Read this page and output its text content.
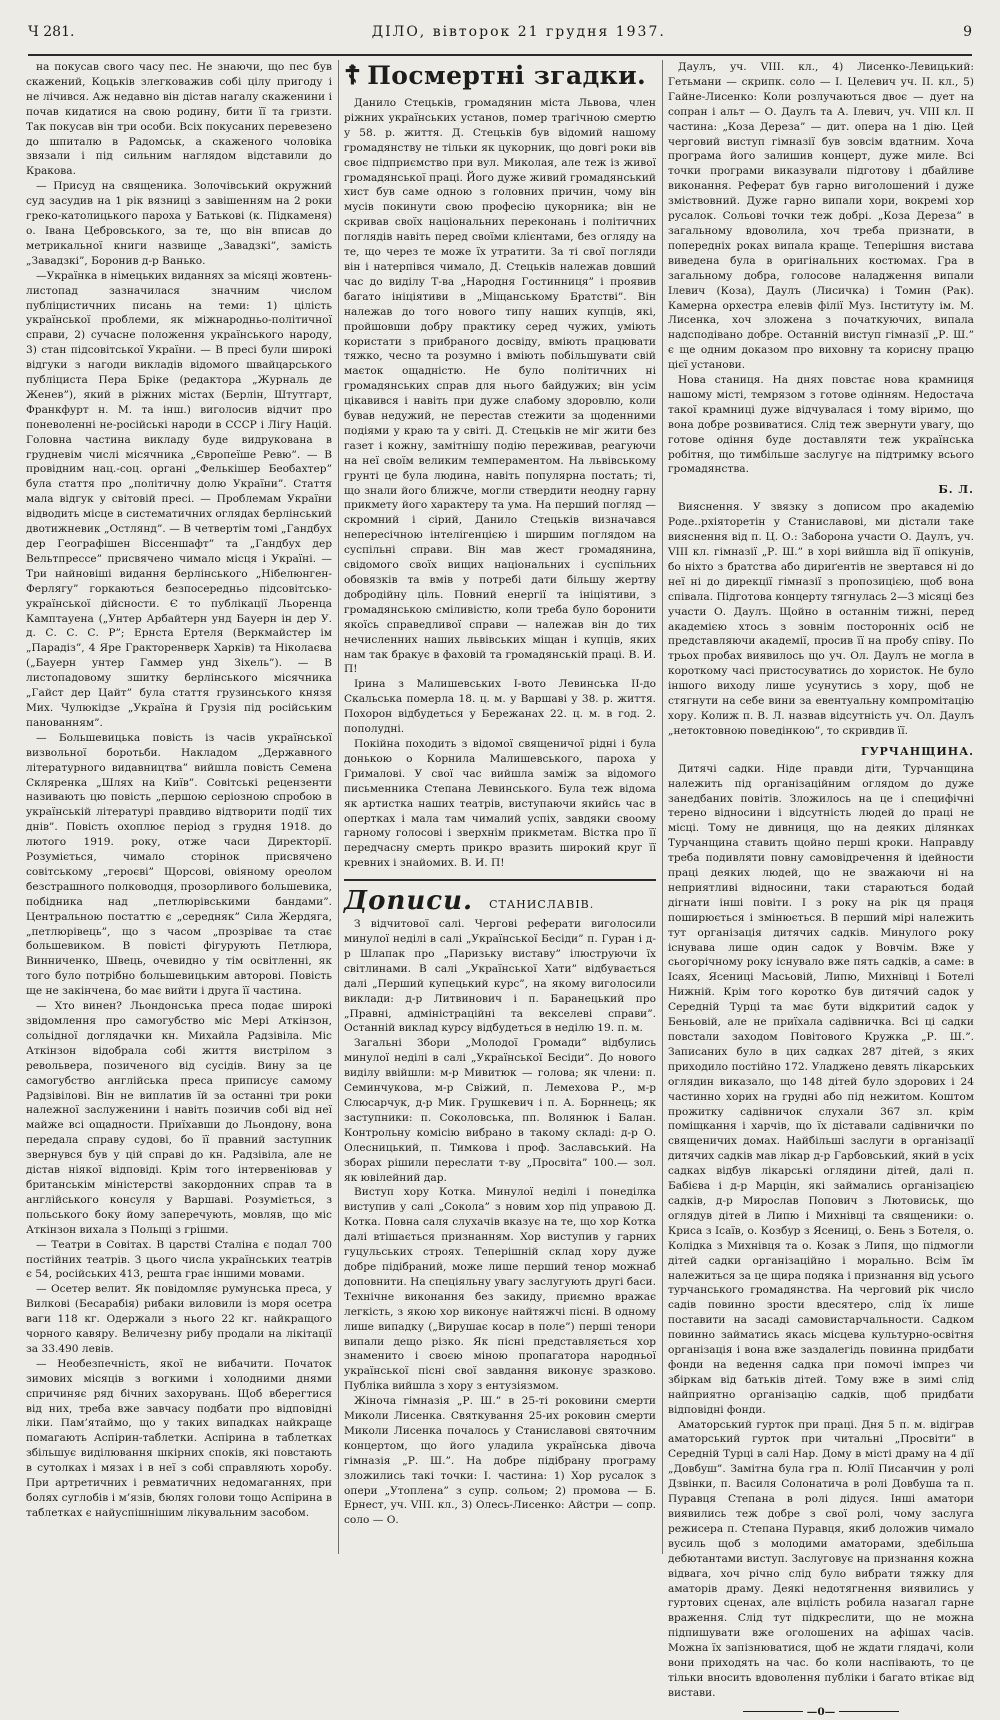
Ч 281.	ДІЛО, вівторок 21 грудня 1937.	9

на покусав свого часу пес. Не знаючи, що пес був скажений, Коцьків злегковажив собі цілу пригоду і не лічився. Аж недавно він дістав нагалу скаженини і почав кидатися на свою родину, бити її та гризти. Так покусав він три особи. Всіх покусаних перевезено до шпиталю в Радомськ, а скаженого чоловіка звязали і під сильним наглядом відставили до Кракова.

— Присуд на священика. Золочівський окружний суд засудив на 1 рік вязниці з завішенням на 2 роки греко-католицького пароха у Батькові (к. Підкаменя) о. Івана Цебровського, за те, що він вписав до метрикальної книги назвище „Завадзкі”, замість „Завадзкі”, Боронив д-р Ванько.

—Українка в німецьких виданнях за місяці жовтень-листопад зазначилася значним числом публіцистичних писань на теми: 1) цілість української проблеми, як міжнародньо-політичної справи, 2) сучасне положення українського народу, 3) стан підсовітської України. — В пресі були широкі відгуки з нагоди викладів відомого швайцарського публіциста Пера Бріке (редактора „Журналь де Женев”), який в ріжних містах (Берлін, Штутгарт, Франкфурт н. М. та інш.) виголосив відчит про поневоленні не-російські народи в СССР і Лігу Націй. Головна частина викладу буде видрукована в грудневім числі місячника „Європеїше Ревю”. — В провідним нац.-соц. органі „Фелькішер Беобахтер” була стаття про „політичну долю України”. Стаття мала відгук у світовій пресі. — Проблемам України відводить місце в систематичних оглядах берлінський двотижневик „Остлянд”. — В четвертім томі „Гандбух дер Географішен Віссеншафт” та „Гандбух дер Вельтпрессе” присвячено чимало місця і Україні. — Три найновіші видання берлінського „Нібелюнген-Ферлягу” горкаються безпосередньо підсовітсько-української дійсности. Є то публікації Льоренца Камптауена („Унтер Арбайтерн унд Бауерн ін дер У. д. С. С. С. Р”; Ернста Ертеля (Веркмайстер ім „Парадіз”, 4 Яре Гракторенверк Харків) та Ніколаєва („Бауерн унтер Гаммер унд Зіхель”). — В листопадовому зшитку берлінського місячника „Гайст дер Цайт” була стаття грузинського князя Мих. Чулюкідзе „Україна й Грузія під російським панованням”.

— Большевицька повість із часів української визвольної боротьби. Накладом „Державного літературного видавництва” вийшла повість Семена Скляренка „Шлях на Київ”. Совітські рецензенти називають цю повість „першою серіозною спробою в українській літературі правдиво відтворити події тих днів”. Повість охоплює період з грудня 1918. до лютого 1919. року, отже часи Директорії. Розуміється, чимало сторінок присвячено совітському „героєві” Щорсові, овіяному ореолом безстрашного полководця, прозорливого большевика, побідника над „петлюрівськими бандами”. Центральною постаттю є „середняк” Сила Жердяга, „петлюрівець”, що з часом „прозріває та стає большевиком. В повісті фігурують Петлюра, Винниченко, Швець, очевидно у тім освітленні, як того було потрібно большевицьким авторові. Повість ще не закінчена, бо має вийти і друга її частина.

— Хто винен? Льондонська преса подає широкі звідомлення про самогубство міс Мері Аткінзон, сольідної доглядачки кн. Михайла Радзівіла. Міс Аткінзон відобрала собі життя вистрілом з револьвера, позиченого від сусідів. Вину за це самогубство англійська преса приписує самому Радзівілові. Він не виплатив їй за останні три роки належної заслуженини і навіть позичив собі від неї майже всі ощадности. Приїхавши до Льондону, вона передала справу судові, бо її правний заступник звернувся був у цій справі до кн. Радзівіла, але не дістав ніякої відповіді. Крім того інтервеніював у британськім міністерстві закордонних справ та в англійського консуля у Варшаві. Розуміється, з польського боку йому заперечують, мовляв, що міс Аткінзон вихала з Польщі з грішми.

— Театри в Совітах. В царстві Сталіна є подал 700 постійних театрів. З цього числа українських театрів є 54, російських 413, решта грає іншими мовами.

— Осетер велит. Як повідомляє румунська преса, у Вилкові (Бесарабія) рибаки виловили із моря осетра ваги 118 кг. Одержали з нього 22 кг. найкращого чорного кавяру. Величезну рибу продали на лікітації за 33.490 левів.

— Необезпечність, якої не вибачити. Початок зимових місяців з вогкими і холодними днями спричиняє ряд бічних захорувань. Щоб вберегтися від них, треба вже завчасу подбати про відповідні ліки. Пам’ятаймо, що у таких випадках найкраще помагають Аспірин-таблетки. Аспірина в таблетках збільшує виділювання шкірних споків, які повстають в сутолках і мязах і в неї з собі справляють хоробу. При артретичних і ревматичних недомаганнях, при болях суглобів і м’язів, бюлях голови тощо Аспірина в таблетках є найуспішнішим лікувальним засобом.

☦ Посмертні згадки.

Данило Стецьків, громадянин міста Львова, член ріжних українських установ, помер трагічною смертю у 58. р. життя. Д. Стецьків був відомий нашому громадянству не тільки як цукорник, що довгі роки вів своє підприємство при вул. Миколая, але теж із живої громадянської праці. Його дуже живий громадянський хист був саме одною з головних причин, чому він мусів покинути свою професію цукорника; він не скривав своїх національних переконань і політичних поглядів навіть перед своїми клієнтами, без огляду на те, що через те може їх утратити. За ті свої погляди він і натерпівся чимало, Д. Стецьків належав довший час до виділу Т-ва „Народня Гостинниця” і проявив багато ініціятиви в „Міщанському Братстві”. Він належав до того нового типу наших купців, які, пройшовши добру практику серед чужих, уміють користати з прибраного досвіду, вміють працювати тяжко, чесно та розумно і вміють побільшувати свій маєток ощадністю. Не було політичних ні громадянських справ для нього байдужих; він усім цікавився і навіть при дуже слабому здоровлю, коли бував недужий, не перестав стежити за щоденними подіями у краю та у світі. Д. Стецьків не міг жити без газет і кожну, замітнішу подію переживав, реагуючи на неї своїм великим темпераментом. На львівському грунті це була людина, навіть популярна постать; ті, що знали його ближче, могли ствердити неодну гарну прикмету його характеру та ума. На перший погляд — скромний і сірий, Данило Стецьків визначався непересічною інтелігенцією і ширшим поглядом на суспільні справи. Він мав жест громадянина, свідомого своїх вищих національних і суспільних обовязків та вмів у потребі дати більшу жертву добродійну ціль. Повний енергії та ініціятиви, з громадянською сміливістю, коли треба було боронити якоїсь справедливої справи — належав він до тих нечисленних наших львівських міщан і купців, яких нам так бракує в фаховій та громадянській праці. В. И. П!

Ірина з Малишевських І-вото Левинська ІІ-до Скальська померла 18. ц. м. у Варшаві у 38. р. життя. Похорон відбудеться у Бережанах 22. ц. м. в год. 2. пополудні.

Покійна походить з відомої священичої рідні і була донькою о Корнила Малишевського, пароха у Грималові. У свої час вийшла заміж за відомого письменника Степана Левинського. Була теж відома як артистка наших театрів, виступаючи якийсь час в опертках і мала там чималий успіх, завдяки своому гарному голосові і зверхнім прикметам. Вістка про її передчасну смерть прикро вразить широкий круг її кревних і знайомих. В. И. П!

Дописи. СТАНИСЛАВІВ.

З відчитової салі. Черговi реферати виголосили минулої неділі в салі „Української Бесіди” п. Гуран і д-р Шлапак про „Паризьку виставу” ілюструючи їх світлинами. В салі „Української Хати” відбувається далі „Перший купецький курс”, на якому виголосили виклади: д-р Литвинович і п. Баранецький про „Правні, адміністраційні та векселеві справи”. Останній виклад курсу відбудеться в неділю 19. п. м.

Загальні Збори „Молодої Громади” відбулись минулої неділі в салі „Української Бесіди”. До нового виділу ввійшли: м-р Мивитюк — голова; як члени: п. Семинчукова, м-р Свіжий, п. Лемехова Р., м-р Слюсарчук, д-р Мик. Грушкевич і п. А. Борннець; як заступники: п. Соколовська, пп. Волянюк і Балан. Контрольну комісію вибрано в такому складі: д-р О. Олесницький, п. Тимкова і проф. Заславський. На зборах рішили переслати т-ву „Просвіта” 100.— зол. як ювілейний дар.

Виступ хору Котка. Минулої неділі і понеділка виступив у салі „Сокола” з новим хор під управою Д. Котка. Повна саля слухачів вказує на те, що хор Котка далі втішається признанням. Хор виступив у гарних гуцульських строях. Теперішній склад хору дуже добре підібраний, може лише перший тенор можнаб доповнити. На спеціяльну увагу заслугують другі баси. Технічне виконання без закиду, приємно вражає легкість, з якою хор виконує найтяжчі пісні. В одному лише випадку („Вирушає косар в поле”) перші тенори випали дещо різко. Як пісні представляється хор знаменито і своєю міною пропагатора народньої української пісні свої завдання виконує зразково. Публіка вийшла з хору з ентузіязмом.

Жіноча гімназія „Р. Ш.” в 25-ті роковини смерти Миколи Лисенка. Святкування 25-их роковин смерти Миколи Лисенка почалось у Станиславові святочним концертом, що його уладила українська дівоча гімназія „Р. Ш.”. На добре підібрану програму зложились такі точки: І. частина: 1) Хор русалок з опери „Утоплена” з супр. сольом; 2) промова — Б. Ернест, уч. VIII. кл., 3) Олесь-Лисенко: Айстри — сопр. соло — О.

Даулъ, уч. VIII. кл., 4) Лисенко-Левицький: Гетьмани — скрипк. соло — І. Целевич уч. ІІ. кл., 5) Гайне-Лисенко: Коли розлучаються двоє — дует на сопран і альт — О. Даулъ та А. Ілевич, уч. VIII кл. ІІ частина: „Коза Дереза” — дит. опера на 1 дію. Цей черговий виступ гімназії був зовсім вдатним. Хоча програма його залишив концерт, дуже миле. Всі точки програми виказували підготову і дбайливе виконання. Реферат був гарно виголошений і дуже зміствовний. Дуже гарно випали хори, вокремі хор русалок. Сольові точки теж добрі. „Коза Дереза” в загальному вдоволила, хоч треба признати, в попередніх роках випала краще. Теперішня вистава виведена була в оригінальних костюмах. Гра в загальному добра, голосове наладження випали Ілевич (Коза), Даулъ (Лисичка) і Томин (Рак). Камерна орхестра елевів філії Муз. Інституту ім. М. Лисенка, хоч зложена з початкуючих, випала надсподівано добре. Останній виступ гімназії „Р. Ш.” є ще одним доказом про виховну та корисну працю цієї установи.

Нова станиця. На днях повстає нова крамниця нашому місті, темрязом з готове одінням. Недостача такої крамниці дуже відчувалася і тому віримо, що вона добре розвиватися. Слід теж звернути увагу, що готове одіння буде доставляти теж українська робітня, що тимбільше заслугує на підтримку всього громадянства.

Б. Л.

Вияснення. У звязку з дописом про академію Роде..рхіяторетін у Станиславові, ми дістали таке вияснення від п. Ц. О.: Заборона участи О. Даулъ, уч. VIII кл. гімназії „Р. Ш.” в хорі вийшла від її опікунів, бо ніхто з братства або дириґентів не звертався ні до неї ні до дирекції гімназії з пропозицією, щоб вона співала. Підготова концерту тягнулась 2—3 місяці без участи О. Даулъ. Щойно в останнім тижні, перед академією хтось з зовнім посторонніх осіб не представляючи академії, просив її на пробу співу. По трьох пробах виявилось що уч. Ол. Даулъ не могла в короткому часі пристосуватись до хористок. Не було іншого виходу лише усунутись з хору, щоб не стягнути на себе вини за евентуальну компромітацію хору. Колиж п. В. Л. назвав відсутність уч. Ол. Даулъ „нетоктовною поведінкою”, то скривдив її.

ГУРЧАНЩИНА.

Дитячі садки. Ніде правди діти, Турчанщина належить під організаційним оглядом до дуже занедбаних повітів. Зложилось на це і специфічні терено відносини і відсутність людей до праці не місці. Тому не дивниця, що на деяких ділянках Турчанщина ставить щойно перші кроки. Направду треба подивляти повну самовідречення й ідейности праці деяких людей, що не зважаючи ні на неприятливі відносини, таки стараються бодай дігнати інші повіти. І з року на рік ця праця поширюється і змінюється. В перший мірі належить тут організація дитячих садків. Минулого року існувава лише один садок у Вовчім. Вже у сьогорічному року існувало вже пять садків, а саме: в Ісаях, Ясениці Масьовій, Липю, Михнівці і Ботелі Нижній. Крім того коротко був дитячий садок у Середній Турці та має бути відкритий садок у Беньовій, але не приїхала садівничка. Всі ці садки повстали заходом Повітового Кружка „Р. Ш.”. Записаних було в цих садках 287 дітей, з яких приходило постійно 172. Уладжено девять лікарських оглядин виказало, що 148 дітей було здорових і 24 частинно хорих на грудні або під нежитом. Коштом прожитку садівничок слухали 367 зл. крім поміщкання і харчів, що їх діставали садівнички по священичих домах. Найбільші заслуги в організації дитячих садків мав лікар д-р Гарбовський, який в усіх садках відбув лікарські оглядини дітей, далі п. Бабієва і д-р Марцін, які займались організацією садків, д-р Мирослав Попович з Лютовиськ, що оглядув дітей в Липю і Михнівці та священики: о. Криса з Ісаїв, о. Козбур з Ясениці, о. Бень з Ботеля, о. Колідка з Михнівця та о. Козак з Липя, що підмогли дітей садки організаційно і морально. Всім їм належиться за це щира подяка і признання від усього турчанського громадянства. На черговий рік число садів повинно зрости вдесятеро, слід їх лише поставити на засаді самовистарчальности. Садком повинно займатись якась місцева культурно-освітня організація і вона вже заздалегідь повинна придбати фонди на ведення садка при помочі імпрез чи збіркам від батьків дітей. Тому вже в зимі слід найприятно організацію садків, щоб придбати відповідні фонди.

Аматорський гурток при праці. Дня 5 п. м. відіграв аматорський гурток при читальні „Просвіти” в Середній Турці в салі Нар. Дому в місті драму на 4 дії „Довбуш”. Замітна була гра п. Юлії Писанчин у ролі Дзвінки, п. Василя Солонатича в ролі Довбуша та п. Пуравця Степана в ролі дідуся. Інші аматори виявились теж добре з свої ролі, чому заслуга режисера п. Степана Пуравця, якиб доложив чимало вусиль щоб з молодими аматорами, здебільша дебютантами виступ. Заслуговує на признання кожна відвага, хоч річно слід було вибрати тяжку для аматорів драму. Деякі недотягнення виявились у гуртових сценах, але вцілість робила назагал гарне враження. Слід тут підкреслити, що не можна підпишувати вже оголошених на афішах часів. Можна їх запізнюватися, щоб не ждати глядачі, коли вони приходять на час. бо коли наспівають, то це тільки вносить вдоволення публіки і багато втікає від вистави.

—0—
